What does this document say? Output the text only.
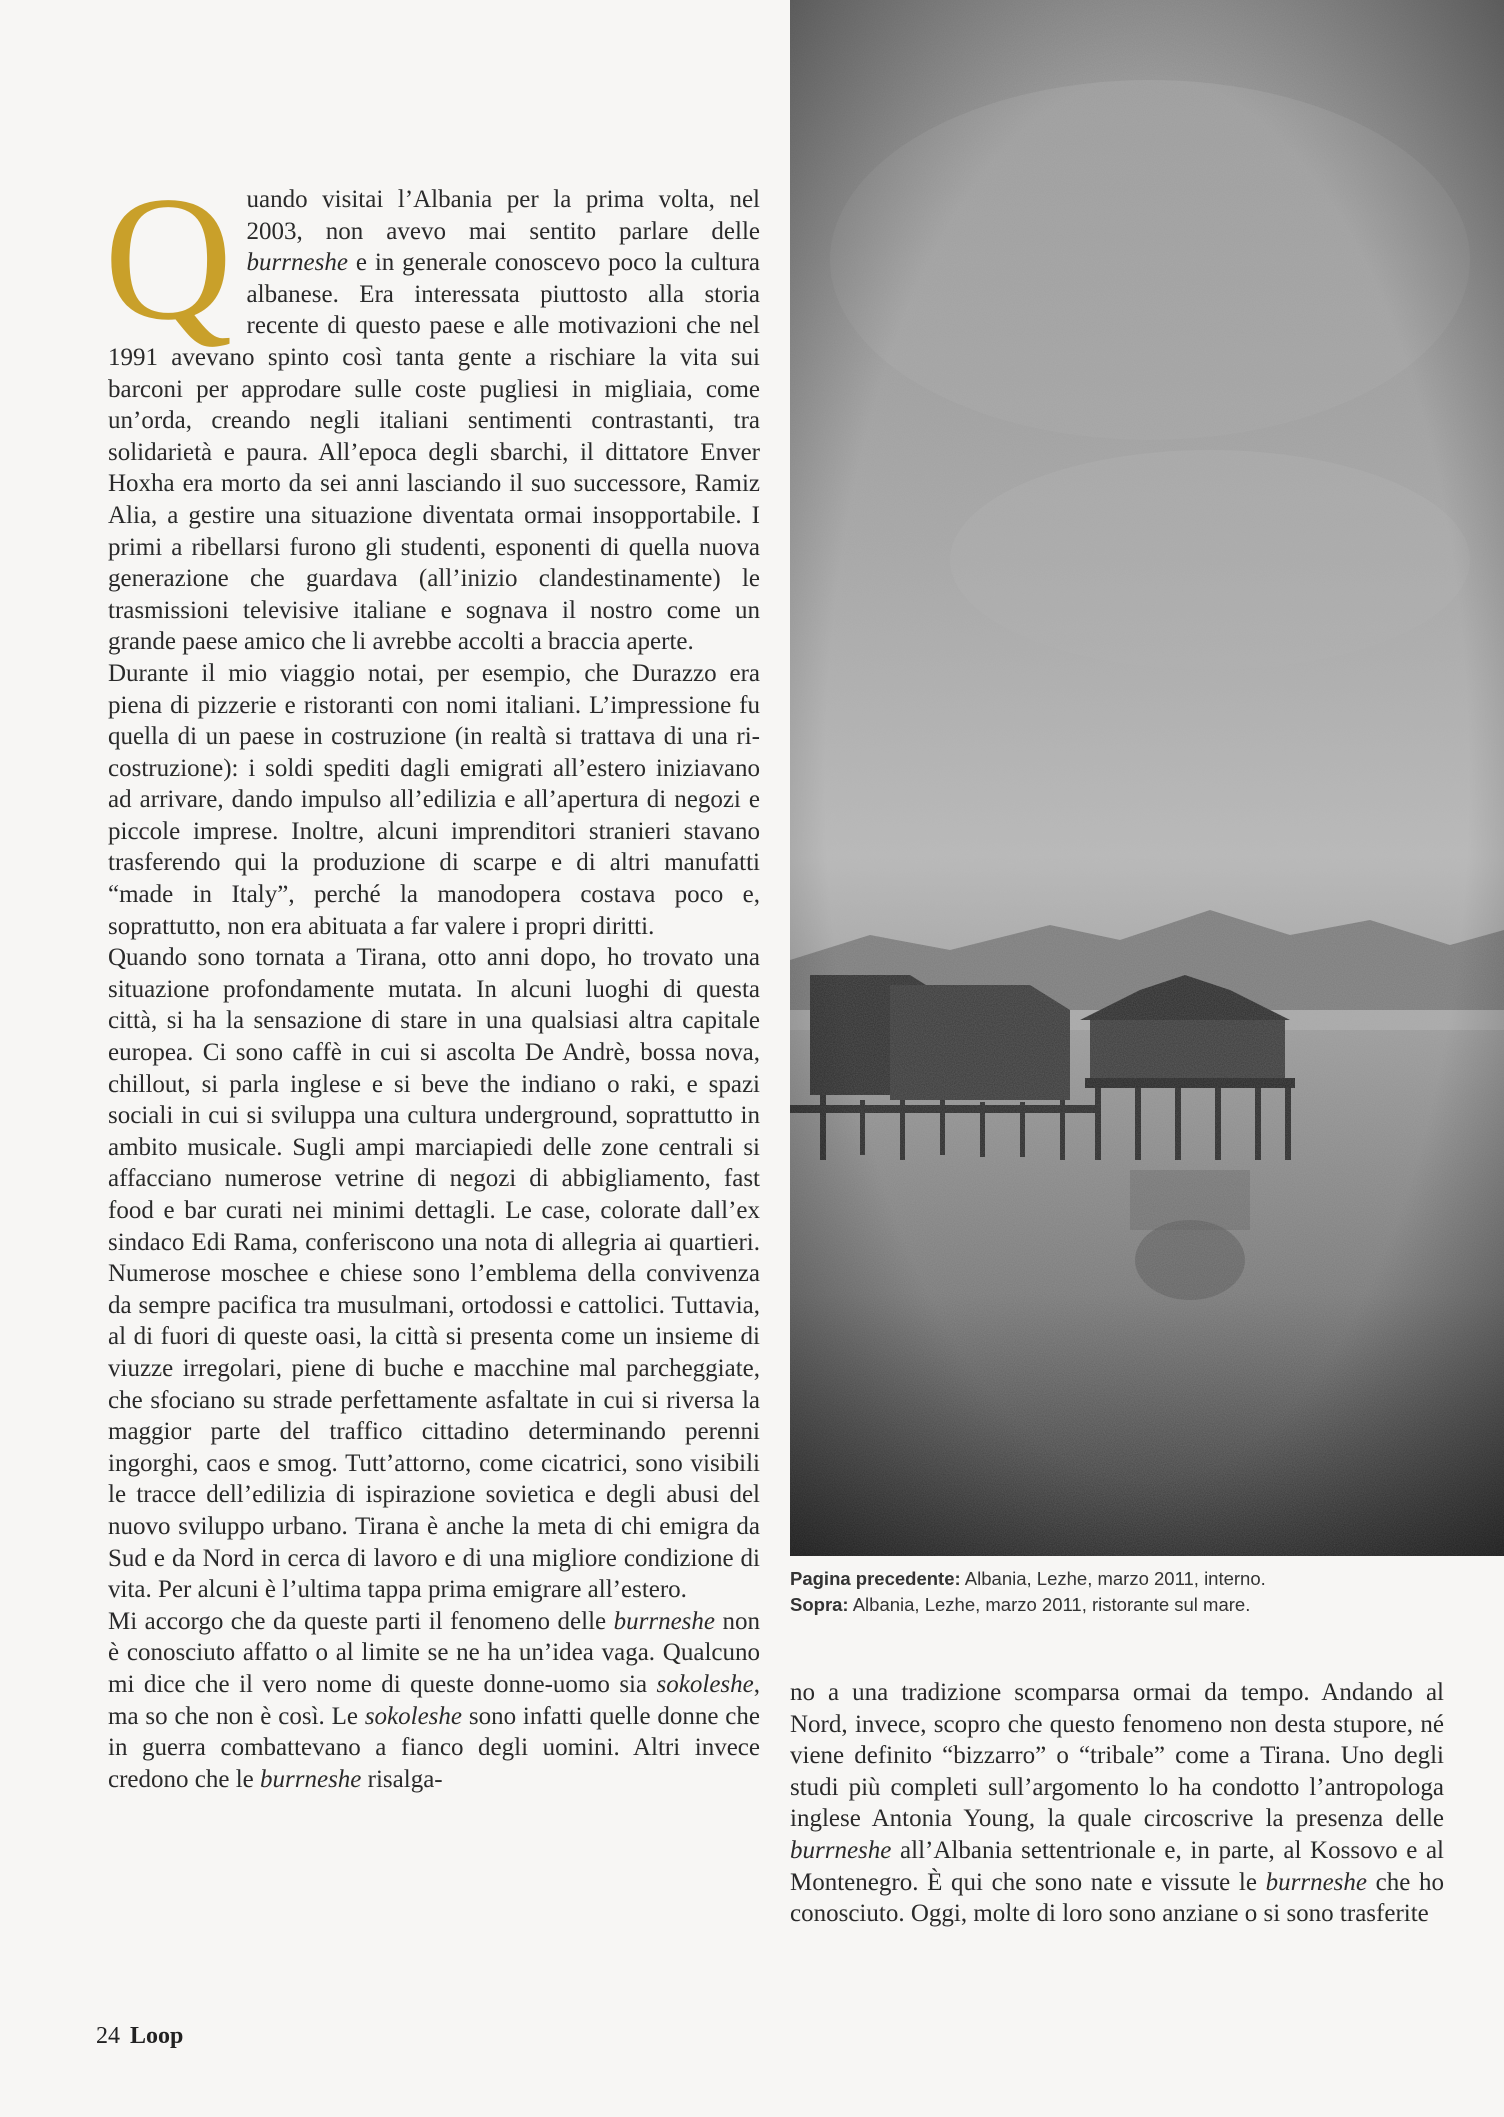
Q uando visitai l’Albania per la prima volta, nel 2003, non avevo mai sentito parlare delle burrneshe e in generale conoscevo poco la cultura albanese. Era interessata piuttosto alla storia recente di questo paese e alle motivazioni che nel 1991 avevano spinto così tanta gente a rischiare la vita sui barconi per approdare sulle coste pugliesi in migliaia, come un’orda, creando negli italiani sentimenti contrastanti, tra solidarietà e paura. All’epoca degli sbarchi, il dittatore Enver Hoxha era morto da sei anni lasciando il suo successore, Ramiz Alia, a gestire una situazione diventata ormai insopportabile. I primi a ribellarsi furono gli studenti, esponenti di quella nuova generazione che guardava (all’inizio clandestinamente) le trasmissioni televisive italiane e sognava il nostro come un grande paese amico che li avrebbe accolti a braccia aperte.

Durante il mio viaggio notai, per esempio, che Durazzo era piena di pizzerie e ristoranti con nomi italiani. L’impressione fu quella di un paese in costruzione (in realtà si trattava di una ri-costruzione): i soldi spediti dagli emigrati all’estero iniziavano ad arrivare, dando impulso all’edilizia e all’apertura di negozi e piccole imprese. Inoltre, alcuni imprenditori stranieri stavano trasferendo qui la produzione di scarpe e di altri manufatti “made in Italy”, perché la manodopera costava poco e, soprattutto, non era abituata a far valere i propri diritti.

Quando sono tornata a Tirana, otto anni dopo, ho trovato una situazione profondamente mutata. In alcuni luoghi di questa città, si ha la sensazione di stare in una qualsiasi altra capitale europea. Ci sono caffè in cui si ascolta De Andrè, bossa nova, chillout, si parla inglese e si beve the indiano o raki, e spazi sociali in cui si sviluppa una cultura underground, soprattutto in ambito musicale. Sugli ampi marciapiedi delle zone centrali si affacciano numerose vetrine di negozi di abbigliamento, fast food e bar curati nei minimi dettagli. Le case, colorate dall’ex sindaco Edi Rama, conferiscono una nota di allegria ai quartieri. Numerose moschee e chiese sono l’emblema della convivenza da sempre pacifica tra musulmani, ortodossi e cattolici. Tuttavia, al di fuori di queste oasi, la città si presenta come un insieme di viuzze irregolari, piene di buche e macchine mal parcheggiate, che sfociano su strade perfettamente asfaltate in cui si riversa la maggior parte del traffico cittadino determinando perenni ingorghi, caos e smog. Tutt’attorno, come cicatrici, sono visibili le tracce dell’edilizia di ispirazione sovietica e degli abusi del nuovo sviluppo urbano. Tirana è anche la meta di chi emigra da Sud e da Nord in cerca di lavoro e di una migliore condizione di vita. Per alcuni è l’ultima tappa prima emigrare all’estero.

Mi accorgo che da queste parti il fenomeno delle burrneshe non è conosciuto affatto o al limite se ne ha un’idea vaga. Qualcuno mi dice che il vero nome di queste donne-uomo sia sokoleshe, ma so che non è così. Le sokoleshe sono infatti quelle donne che in guerra combattevano a fianco degli uomini. Altri invece credono che le burrneshe risalga-

Pagina precedente: Albania, Lezhe, marzo 2011, interno.
Sopra: Albania, Lezhe, marzo 2011, ristorante sul mare.

no a una tradizione scomparsa ormai da tempo. Andando al Nord, invece, scopro che questo fenomeno non desta stupore, né viene definito “bizzarro” o “tribale” come a Tirana. Uno degli studi più completi sull’argomento lo ha condotto l’antropologa inglese Antonia Young, la quale circoscrive la presenza delle burrneshe all’Albania settentrionale e, in parte, al Kossovo e al Montenegro. È qui che sono nate e vissute le burrneshe che ho conosciuto. Oggi, molte di loro sono anziane o si sono trasferite

24 Loop
